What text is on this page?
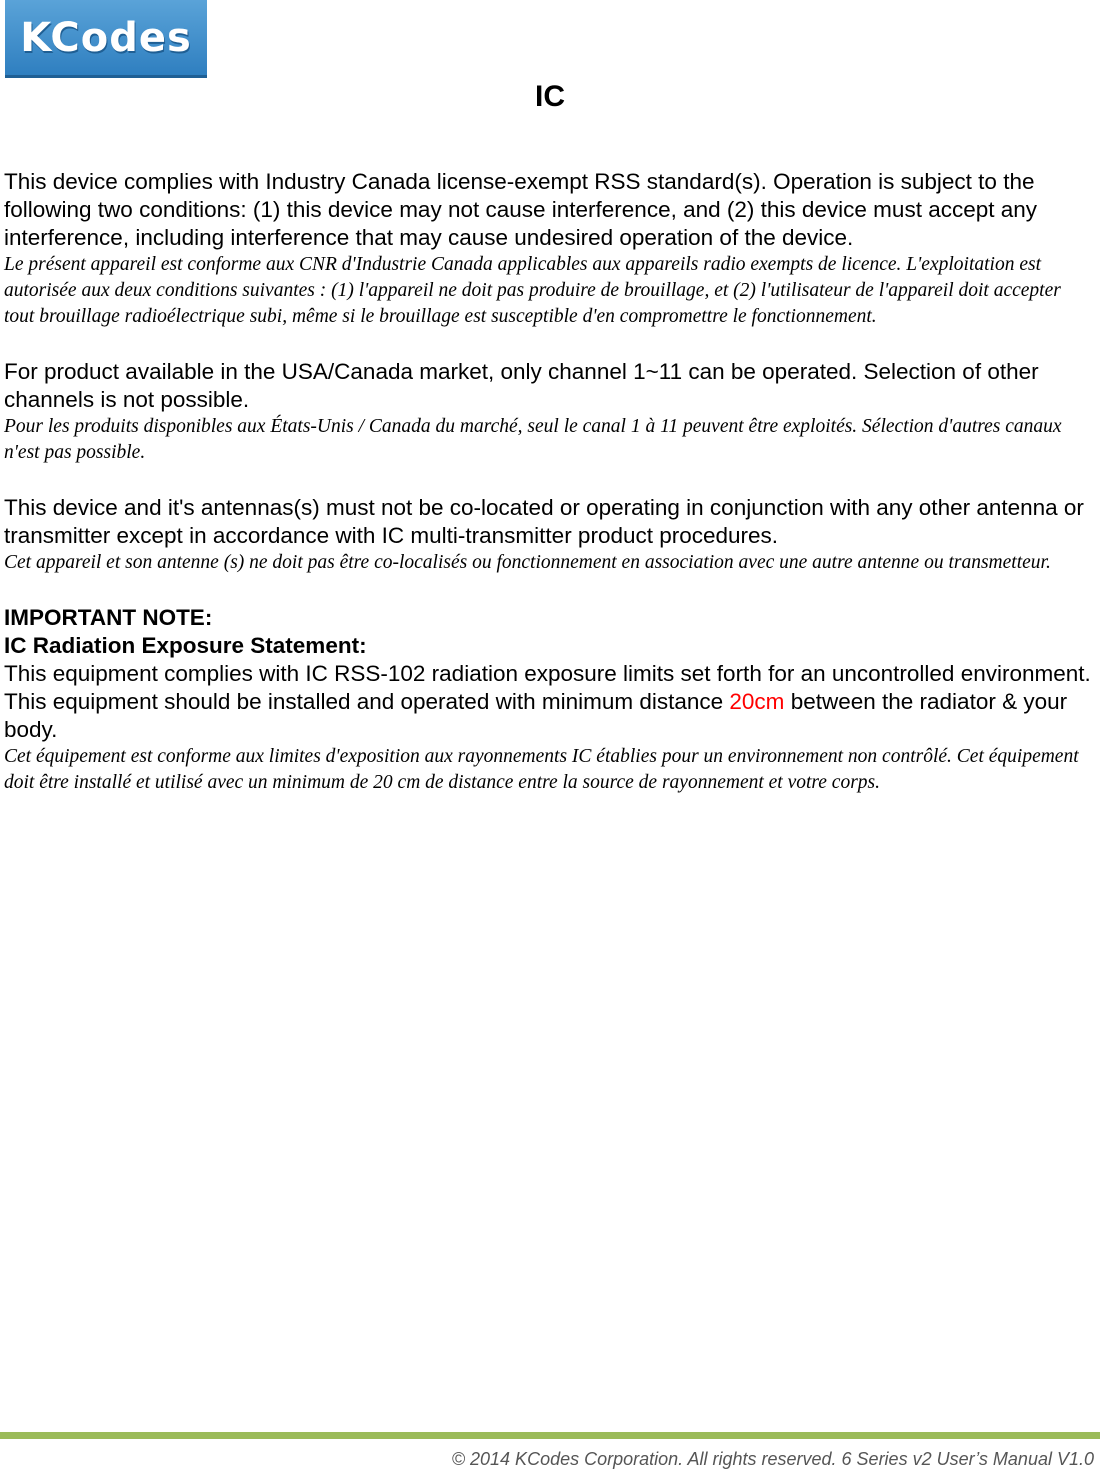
KCodes
IC

This device complies with Industry Canada license-exempt RSS standard(s). Operation is subject to the following two conditions: (1) this device may not cause interference, and (2) this device must accept any interference, including interference that may cause undesired operation of the device.

Le présent appareil est conforme aux CNR d'Industrie Canada applicables aux appareils radio exempts de licence. L'exploitation est autorisée aux deux conditions suivantes : (1) l'appareil ne doit pas produire de brouillage, et (2) l'utilisateur de l'appareil doit accepter tout brouillage radioélectrique subi, même si le brouillage est susceptible d'en compromettre le fonctionnement.

For product available in the USA/Canada market, only channel 1~11 can be operated. Selection of other channels is not possible.

Pour les produits disponibles aux États-Unis / Canada du marché, seul le canal 1 à 11 peuvent être exploités. Sélection d'autres canaux n'est pas possible.

This device and it's antennas(s) must not be co-located or operating in conjunction with any other antenna or transmitter except in accordance with IC multi-transmitter product procedures.

Cet appareil et son antenne (s) ne doit pas être co-localisés ou fonctionnement en association avec une autre antenne ou transmetteur.

IMPORTANT NOTE:

IC Radiation Exposure Statement:

This equipment complies with IC RSS-102 radiation exposure limits set forth for an uncontrolled environment. This equipment should be installed and operated with minimum distance 20cm between the radiator & your body.

Cet équipement est conforme aux limites d'exposition aux rayonnements IC établies pour un environnement non contrôlé. Cet équipement doit être installé et utilisé avec un minimum de 20 cm de distance entre la source de rayonnement et votre corps.

© 2014 KCodes Corporation. All rights reserved. 6 Series v2 User’s Manual V1.0
